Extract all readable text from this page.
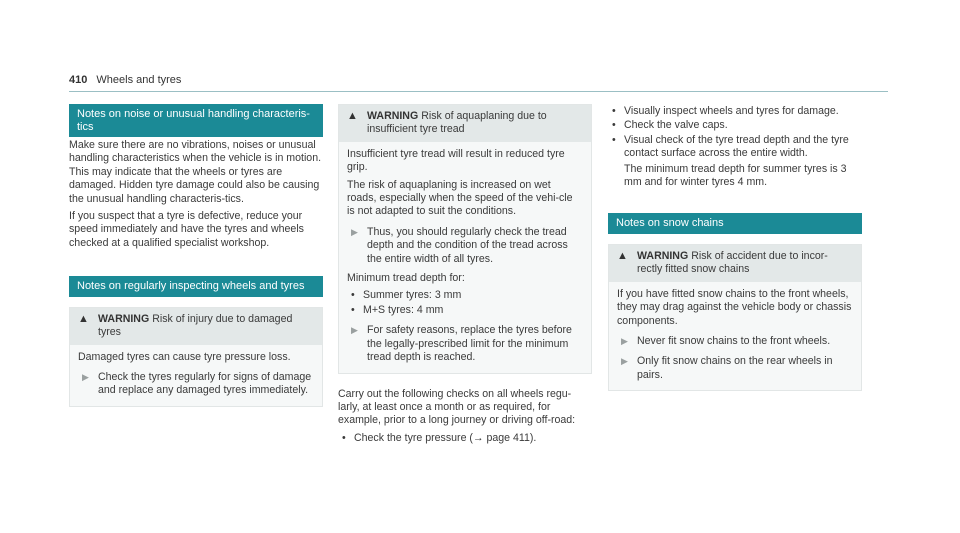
410 Wheels and tyres
Notes on noise or unusual handling characteris-tics

Make sure there are no vibrations, noises or unusual handling characteristics when the vehicle is in motion. This may indicate that the wheels or tyres are damaged. Hidden tyre damage could also be causing the unusual handling characteris-tics.

If you suspect that a tyre is defective, reduce your speed immediately and have the tyres and wheels checked at a qualified specialist workshop.

Notes on regularly inspecting wheels and tyres
▲ WARNING Risk of injury due to damaged tyres

Damaged tyres can cause tyre pressure loss.

▶ Check the tyres regularly for signs of damage and replace any damaged tyres immediately.
▲ WARNING Risk of aquaplaning due to insufficient tyre tread

Insufficient tyre tread will result in reduced tyre grip.

The risk of aquaplaning is increased on wet roads, especially when the speed of the vehi-cle is not adapted to suit the conditions.

▶ Thus, you should regularly check the tread depth and the condition of the tread across the entire width of all tyres.

Minimum tread depth for:

• Summer tyres: 3 mm
• M+S tyres: 4 mm
▶ For safety reasons, replace the tyres before the legally-prescribed limit for the minimum tread depth is reached.

Carry out the following checks on all wheels regu-larly, at least once a month or as required, for example, prior to a long journey or driving off-road:

• Check the tyre pressure (→ page 411).
• Visually inspect wheels and tyres for damage.
• Check the valve caps.
• Visual check of the tyre tread depth and the tyre contact surface across the entire width.

The minimum tread depth for summer tyres is 3 mm and for winter tyres 4 mm.

Notes on snow chains
▲ WARNING Risk of accident due to incor-rectly fitted snow chains

If you have fitted snow chains to the front wheels, they may drag against the vehicle body or chassis components.

▶ Never fit snow chains to the front wheels.
▶ Only fit snow chains on the rear wheels in pairs.
